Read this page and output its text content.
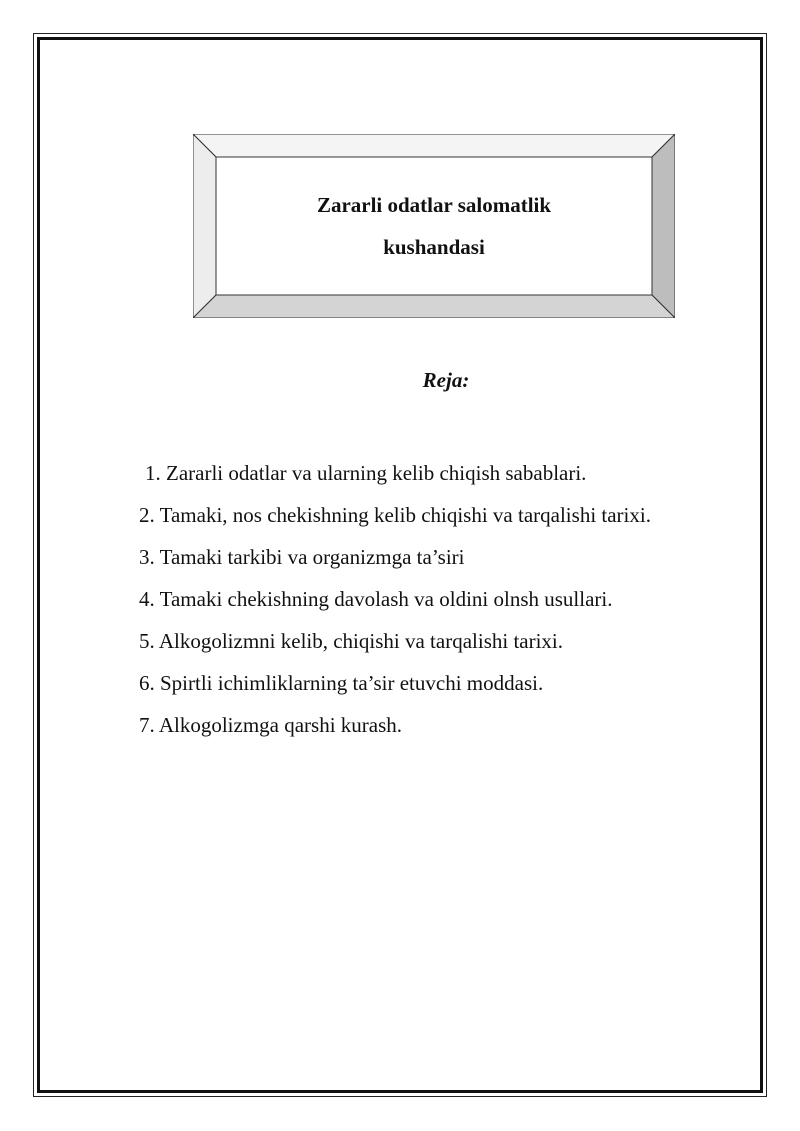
Zararli odatlar salomatlik
kushandasi
Reja:
1. Zararli odatlar va ularning kelib chiqish sabablari.
2. Tamaki, nos chekishning kelib chiqishi va tarqalishi tarixi.
3. Tamaki tarkibi va organizmga ta’siri
4. Tamaki chekishning davolash va oldini olnsh usullari.
5. Alkogolizmni kelib, chiqishi va tarqalishi tarixi.
6. Spirtli ichimliklarning ta’sir etuvchi moddasi.
7. Alkogolizmga qarshi kurash.
